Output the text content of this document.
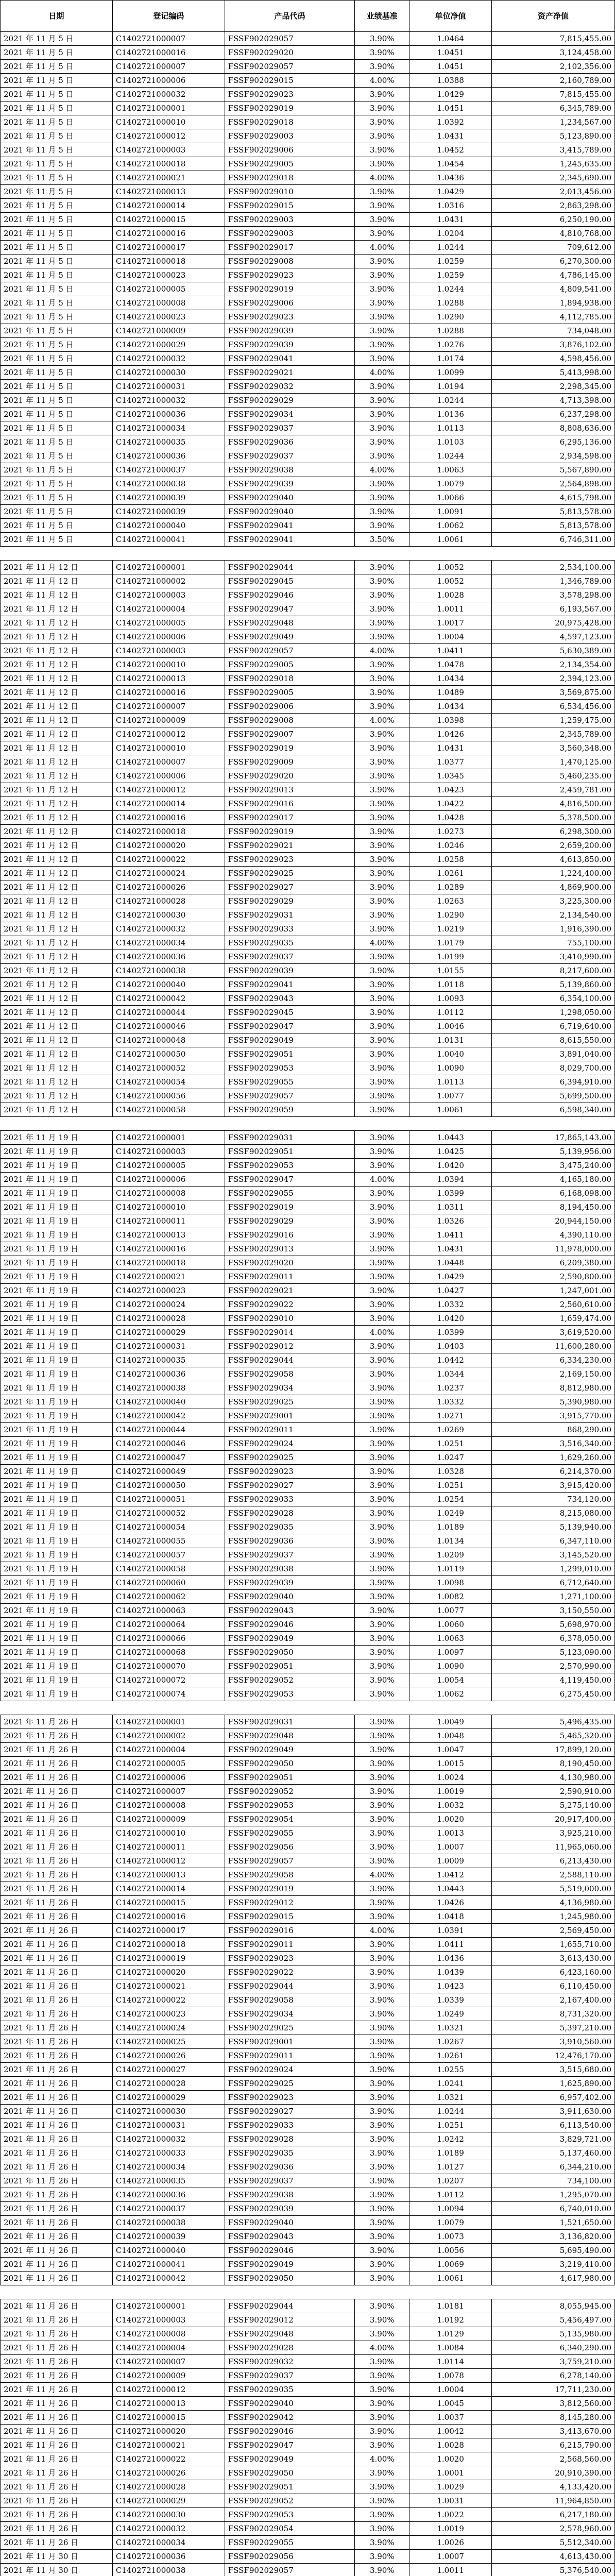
日期	登记编码	产品代码	业绩基准	单位净值	资产净值
2021 年 11 月 5 日	C1402721000007	FSSF902029057	3.90%	1.0464	7,815,455.00
2021 年 11 月 5 日	C1402721000016	FSSF902029020	3.90%	1.0451	3,124,458.00
2021 年 11 月 5 日	C1402721000007	FSSF902029057	3.90%	1.0451	2,102,356.00
2021 年 11 月 5 日	C1402721000006	FSSF902029015	4.00%	1.0388	2,160,789.00
2021 年 11 月 5 日	C1402721000032	FSSF902029023	3.90%	1.0429	7,815,455.00
2021 年 11 月 5 日	C1402721000001	FSSF902029019	3.90%	1.0451	6,345,789.00
2021 年 11 月 5 日	C1402721000010	FSSF902029018	3.90%	1.0392	1,234,567.00
2021 年 11 月 5 日	C1402721000012	FSSF902029003	3.90%	1.0431	5,123,890.00
2021 年 11 月 5 日	C1402721000003	FSSF902029006	3.90%	1.0452	3,415,789.00
2021 年 11 月 5 日	C1402721000018	FSSF902029005	3.90%	1.0454	1,245,635.00
2021 年 11 月 5 日	C1402721000021	FSSF902029018	4.00%	1.0436	2,345,690.00
2021 年 11 月 5 日	C1402721000013	FSSF902029010	3.90%	1.0429	2,013,456.00
2021 年 11 月 5 日	C1402721000014	FSSF902029015	3.90%	1.0316	2,863,298.00
2021 年 11 月 5 日	C1402721000015	FSSF902029003	3.90%	1.0431	6,250,190.00
2021 年 11 月 5 日	C1402721000016	FSSF902029003	3.90%	1.0204	4,810,768.00
2021 年 11 月 5 日	C1402721000017	FSSF902029017	4.00%	1.0244	709,612.00
2021 年 11 月 5 日	C1402721000018	FSSF902029008	3.90%	1.0259	6,270,300.00
2021 年 11 月 5 日	C1402721000023	FSSF902029023	3.90%	1.0259	4,786,145.00
2021 年 11 月 5 日	C1402721000005	FSSF902029019	3.90%	1.0244	4,809,541.00
2021 年 11 月 5 日	C1402721000008	FSSF902029006	3.90%	1.0288	1,894,938.00
2021 年 11 月 5 日	C1402721000023	FSSF902029023	3.90%	1.0290	4,112,785.00
2021 年 11 月 5 日	C1402721000009	FSSF902029039	3.90%	1.0288	734,048.00
2021 年 11 月 5 日	C1402721000029	FSSF902029039	3.90%	1.0276	3,876,102.00
2021 年 11 月 5 日	C1402721000032	FSSF902029041	3.90%	1.0174	4,598,456.00
2021 年 11 月 5 日	C1402721000030	FSSF902029021	4.00%	1.0099	5,413,998.00
2021 年 11 月 5 日	C1402721000031	FSSF902029032	3.90%	1.0194	2,298,345.00
2021 年 11 月 5 日	C1402721000032	FSSF902029029	3.90%	1.0244	4,713,398.00
2021 年 11 月 5 日	C1402721000036	FSSF902029034	3.90%	1.0136	6,237,298.00
2021 年 11 月 5 日	C1402721000034	FSSF902029037	3.90%	1.0113	8,808,636.00
2021 年 11 月 5 日	C1402721000035	FSSF902029036	3.90%	1.0103	6,295,136.00
2021 年 11 月 5 日	C1402721000036	FSSF902029037	3.90%	1.0244	2,934,598.00
2021 年 11 月 5 日	C1402721000037	FSSF902029038	4.00%	1.0063	5,567,890.00
2021 年 11 月 5 日	C1402721000038	FSSF902029039	3.90%	1.0079	2,564,898.00
2021 年 11 月 5 日	C1402721000039	FSSF902029040	3.90%	1.0066	4,615,798.00
2021 年 11 月 5 日	C1402721000039	FSSF902029040	3.90%	1.0091	5,813,578.00
2021 年 11 月 5 日	C1402721000040	FSSF902029041	3.90%	1.0062	5,813,578.00
2021 年 11 月 5 日	C1402721000041	FSSF902029041	3.50%	1.0061	6,746,311.00

2021 年 11 月 12 日	C1402721000001	FSSF902029044	3.90%	1.0052	2,534,100.00
2021 年 11 月 12 日	C1402721000002	FSSF902029045	3.90%	1.0052	1,346,789.00
2021 年 11 月 12 日	C1402721000003	FSSF902029046	3.90%	1.0028	3,578,298.00
2021 年 11 月 12 日	C1402721000004	FSSF902029047	3.90%	1.0011	6,193,567.00
2021 年 11 月 12 日	C1402721000005	FSSF902029048	3.90%	1.0017	20,975,428.00
2021 年 11 月 12 日	C1402721000006	FSSF902029049	3.90%	1.0004	4,597,123.00
2021 年 11 月 12 日	C1402721000003	FSSF902029057	4.00%	1.0411	5,630,389.00
2021 年 11 月 12 日	C1402721000010	FSSF902029005	3.90%	1.0478	2,134,354.00
2021 年 11 月 12 日	C1402721000013	FSSF902029018	3.90%	1.0434	2,394,123.00
2021 年 11 月 12 日	C1402721000016	FSSF902029005	3.90%	1.0489	3,569,875.00
2021 年 11 月 12 日	C1402721000007	FSSF902029006	3.90%	1.0434	6,534,456.00
2021 年 11 月 12 日	C1402721000009	FSSF902029008	4.00%	1.0398	1,259,475.00
2021 年 11 月 12 日	C1402721000012	FSSF902029007	3.90%	1.0426	2,345,789.00
2021 年 11 月 12 日	C1402721000010	FSSF902029019	3.90%	1.0431	3,560,348.00
2021 年 11 月 12 日	C1402721000007	FSSF902029009	3.90%	1.0377	1,470,125.00
2021 年 11 月 12 日	C1402721000006	FSSF902029020	3.90%	1.0345	5,460,235.00
2021 年 11 月 12 日	C1402721000012	FSSF902029013	3.90%	1.0423	2,459,781.00
2021 年 11 月 12 日	C1402721000014	FSSF902029016	3.90%	1.0422	4,816,500.00
2021 年 11 月 12 日	C1402721000016	FSSF902029017	3.90%	1.0428	5,378,500.00
2021 年 11 月 12 日	C1402721000018	FSSF902029019	3.90%	1.0273	6,298,300.00
2021 年 11 月 12 日	C1402721000020	FSSF902029021	3.90%	1.0246	2,659,200.00
2021 年 11 月 12 日	C1402721000022	FSSF902029023	3.90%	1.0258	4,613,850.00
2021 年 11 月 12 日	C1402721000024	FSSF902029025	3.90%	1.0261	1,224,400.00
2021 年 11 月 12 日	C1402721000026	FSSF902029027	3.90%	1.0289	4,869,900.00
2021 年 11 月 12 日	C1402721000028	FSSF902029029	3.90%	1.0263	3,225,300.00
2021 年 11 月 12 日	C1402721000030	FSSF902029031	3.90%	1.0290	2,134,540.00
2021 年 11 月 12 日	C1402721000032	FSSF902029033	3.90%	1.0219	1,916,390.00
2021 年 11 月 12 日	C1402721000034	FSSF902029035	4.00%	1.0179	755,100.00
2021 年 11 月 12 日	C1402721000036	FSSF902029037	3.90%	1.0199	3,410,990.00
2021 年 11 月 12 日	C1402721000038	FSSF902029039	3.90%	1.0155	8,217,600.00
2021 年 11 月 12 日	C1402721000040	FSSF902029041	3.90%	1.0118	5,139,860.00
2021 年 11 月 12 日	C1402721000042	FSSF902029043	3.90%	1.0093	6,354,100.00
2021 年 11 月 12 日	C1402721000044	FSSF902029045	3.90%	1.0112	1,298,050.00
2021 年 11 月 12 日	C1402721000046	FSSF902029047	3.90%	1.0046	6,719,640.00
2021 年 11 月 12 日	C1402721000048	FSSF902029049	3.90%	1.0131	8,615,550.00
2021 年 11 月 12 日	C1402721000050	FSSF902029051	3.90%	1.0040	3,891,040.00
2021 年 11 月 12 日	C1402721000052	FSSF902029053	3.90%	1.0090	8,029,700.00
2021 年 11 月 12 日	C1402721000054	FSSF902029055	3.90%	1.0113	6,394,910.00
2021 年 11 月 12 日	C1402721000056	FSSF902029057	3.90%	1.0077	5,699,500.00
2021 年 11 月 12 日	C1402721000058	FSSF902029059	3.90%	1.0061	6,598,340.00

2021 年 11 月 19 日	C1402721000001	FSSF902029031	3.90%	1.0443	17,865,143.00
2021 年 11 月 19 日	C1402721000003	FSSF902029051	3.90%	1.0425	5,139,956.00
2021 年 11 月 19 日	C1402721000005	FSSF902029053	3.90%	1.0420	3,475,240.00
2021 年 11 月 19 日	C1402721000006	FSSF902029047	4.00%	1.0394	4,165,180.00
2021 年 11 月 19 日	C1402721000008	FSSF902029055	3.90%	1.0399	6,168,098.00
2021 年 11 月 19 日	C1402721000010	FSSF902029019	3.90%	1.0311	8,194,450.00
2021 年 11 月 19 日	C1402721000011	FSSF902029029	3.90%	1.0326	20,944,150.00
2021 年 11 月 19 日	C1402721000013	FSSF902029016	3.90%	1.0411	4,390,110.00
2021 年 11 月 19 日	C1402721000016	FSSF902029013	3.90%	1.0431	11,978,000.00
2021 年 11 月 19 日	C1402721000018	FSSF902029020	3.90%	1.0448	6,209,380.00
2021 年 11 月 19 日	C1402721000021	FSSF902029011	3.90%	1.0429	2,590,800.00
2021 年 11 月 19 日	C1402721000023	FSSF902029021	3.90%	1.0427	1,247,001.00
2021 年 11 月 19 日	C1402721000024	FSSF902029022	3.90%	1.0332	2,560,610.00
2021 年 11 月 19 日	C1402721000028	FSSF902029010	3.90%	1.0420	1,659,474.00
2021 年 11 月 19 日	C1402721000029	FSSF902029014	4.00%	1.0399	3,619,520.00
2021 年 11 月 19 日	C1402721000031	FSSF902029012	3.90%	1.0403	11,600,280.00
2021 年 11 月 19 日	C1402721000035	FSSF902029044	3.90%	1.0442	6,334,230.00
2021 年 11 月 19 日	C1402721000036	FSSF902029058	3.90%	1.0344	2,169,150.00
2021 年 11 月 19 日	C1402721000038	FSSF902029034	3.90%	1.0237	8,812,980.00
2021 年 11 月 19 日	C1402721000040	FSSF902029025	3.90%	1.0332	5,390,980.00
2021 年 11 月 19 日	C1402721000042	FSSF902029001	3.90%	1.0271	3,915,770.00
2021 年 11 月 19 日	C1402721000044	FSSF902029011	3.90%	1.0269	868,290.00
2021 年 11 月 19 日	C1402721000046	FSSF902029024	3.90%	1.0251	3,516,340.00
2021 年 11 月 19 日	C1402721000047	FSSF902029025	3.90%	1.0247	1,629,260.00
2021 年 11 月 19 日	C1402721000049	FSSF902029023	3.90%	1.0328	6,214,370.00
2021 年 11 月 19 日	C1402721000050	FSSF902029027	3.90%	1.0251	3,915,420.00
2021 年 11 月 19 日	C1402721000051	FSSF902029033	3.90%	1.0254	734,120.00
2021 年 11 月 19 日	C1402721000052	FSSF902029028	3.90%	1.0249	8,215,080.00
2021 年 11 月 19 日	C1402721000054	FSSF902029035	3.90%	1.0189	5,139,940.00
2021 年 11 月 19 日	C1402721000055	FSSF902029036	3.90%	1.0134	6,347,110.00
2021 年 11 月 19 日	C1402721000057	FSSF902029037	3.90%	1.0209	3,145,520.00
2021 年 11 月 19 日	C1402721000058	FSSF902029038	3.90%	1.0119	1,299,010.00
2021 年 11 月 19 日	C1402721000060	FSSF902029039	3.90%	1.0098	6,712,640.00
2021 年 11 月 19 日	C1402721000062	FSSF902029040	3.90%	1.0082	1,271,100.00
2021 年 11 月 19 日	C1402721000063	FSSF902029043	3.90%	1.0077	3,150,550.00
2021 年 11 月 19 日	C1402721000064	FSSF902029046	3.90%	1.0060	5,698,970.00
2021 年 11 月 19 日	C1402721000066	FSSF902029049	3.90%	1.0063	6,378,050.00
2021 年 11 月 19 日	C1402721000068	FSSF902029050	3.90%	1.0097	5,123,090.00
2021 年 11 月 19 日	C1402721000070	FSSF902029051	3.90%	1.0090	2,570,990.00
2021 年 11 月 19 日	C1402721000072	FSSF902029052	3.90%	1.0054	4,119,450.00
2021 年 11 月 19 日	C1402721000074	FSSF902029053	3.90%	1.0062	6,275,450.00

2021 年 11 月 26 日	C1402721000001	FSSF902029031	3.90%	1.0049	5,496,435.00
2021 年 11 月 26 日	C1402721000002	FSSF902029048	3.90%	1.0048	5,465,320.00
2021 年 11 月 26 日	C1402721000004	FSSF902029049	3.90%	1.0047	17,899,120.00
2021 年 11 月 26 日	C1402721000005	FSSF902029050	3.90%	1.0015	8,190,450.00
2021 年 11 月 26 日	C1402721000006	FSSF902029051	3.90%	1.0024	4,130,980.00
2021 年 11 月 26 日	C1402721000007	FSSF902029052	3.90%	1.0019	2,590,910.00
2021 年 11 月 26 日	C1402721000008	FSSF902029053	3.90%	1.0032	5,275,140.00
2021 年 11 月 26 日	C1402721000009	FSSF902029054	3.90%	1.0020	20,917,400.00
2021 年 11 月 26 日	C1402721000010	FSSF902029055	3.90%	1.0013	3,925,210.00
2021 年 11 月 26 日	C1402721000011	FSSF902029056	3.90%	1.0007	11,965,060.00
2021 年 11 月 26 日	C1402721000012	FSSF902029057	3.90%	1.0009	6,213,430.00
2021 年 11 月 26 日	C1402721000013	FSSF902029058	4.00%	1.0412	2,588,110.00
2021 年 11 月 26 日	C1402721000014	FSSF902029019	3.90%	1.0443	5,519,000.00
2021 年 11 月 26 日	C1402721000015	FSSF902029012	3.90%	1.0426	4,136,980.00
2021 年 11 月 26 日	C1402721000016	FSSF902029015	3.90%	1.0418	1,245,980.00
2021 年 11 月 26 日	C1402721000017	FSSF902029016	4.00%	1.0391	2,569,450.00
2021 年 11 月 26 日	C1402721000018	FSSF902029011	3.90%	1.0411	1,655,710.00
2021 年 11 月 26 日	C1402721000019	FSSF902029023	3.90%	1.0436	3,613,430.00
2021 年 11 月 26 日	C1402721000020	FSSF902029022	3.90%	1.0439	6,423,160.00
2021 年 11 月 26 日	C1402721000021	FSSF902029044	3.90%	1.0423	6,110,450.00
2021 年 11 月 26 日	C1402721000022	FSSF902029058	3.90%	1.0339	2,167,400.00
2021 年 11 月 26 日	C1402721000023	FSSF902029034	3.90%	1.0249	8,731,320.00
2021 年 11 月 26 日	C1402721000024	FSSF902029025	3.90%	1.0321	5,397,210.00
2021 年 11 月 26 日	C1402721000025	FSSF902029001	3.90%	1.0267	3,910,560.00
2021 年 11 月 26 日	C1402721000026	FSSF902029011	3.90%	1.0261	12,476,170.00
2021 年 11 月 26 日	C1402721000027	FSSF902029024	3.90%	1.0255	3,515,680.00
2021 年 11 月 26 日	C1402721000028	FSSF902029025	3.90%	1.0241	1,625,890.00
2021 年 11 月 26 日	C1402721000029	FSSF902029023	3.90%	1.0321	6,957,402.00
2021 年 11 月 26 日	C1402721000030	FSSF902029027	3.90%	1.0244	3,911,630.00
2021 年 11 月 26 日	C1402721000031	FSSF902029033	3.90%	1.0251	6,113,540.00
2021 年 11 月 26 日	C1402721000032	FSSF902029028	3.90%	1.0242	3,829,721.00
2021 年 11 月 26 日	C1402721000033	FSSF902029035	3.90%	1.0189	5,137,460.00
2021 年 11 月 26 日	C1402721000034	FSSF902029036	3.90%	1.0127	6,344,210.00
2021 年 11 月 26 日	C1402721000035	FSSF902029037	3.90%	1.0207	734,100.00
2021 年 11 月 26 日	C1402721000036	FSSF902029038	3.90%	1.0112	1,295,070.00
2021 年 11 月 26 日	C1402721000037	FSSF902029039	3.90%	1.0094	6,740,010.00
2021 年 11 月 26 日	C1402721000038	FSSF902029040	3.90%	1.0079	1,521,650.00
2021 年 11 月 26 日	C1402721000039	FSSF902029043	3.90%	1.0073	3,136,820.00
2021 年 11 月 26 日	C1402721000040	FSSF902029046	3.90%	1.0056	5,695,490.00
2021 年 11 月 26 日	C1402721000041	FSSF902029049	3.90%	1.0069	3,219,410.00
2021 年 11 月 26 日	C1402721000042	FSSF902029050	3.90%	1.0061	4,617,980.00

2021 年 11 月 26 日	C1402721000001	FSSF902029044	3.90%	1.0181	8,055,945.00
2021 年 11 月 26 日	C1402721000003	FSSF902029012	3.90%	1.0192	5,456,497.00
2021 年 11 月 26 日	C1402721000008	FSSF902029048	3.90%	1.0129	5,135,980.00
2021 年 11 月 26 日	C1402721000004	FSSF902029028	4.00%	1.0084	6,340,290.00
2021 年 11 月 26 日	C1402721000007	FSSF902029032	3.90%	1.0114	3,759,210.00
2021 年 11 月 26 日	C1402721000009	FSSF902029037	3.90%	1.0078	6,278,140.00
2021 年 11 月 26 日	C1402721000012	FSSF902029035	3.90%	1.0004	17,711,230.00
2021 年 11 月 26 日	C1402721000013	FSSF902029040	3.90%	1.0045	3,812,560.00
2021 年 11 月 26 日	C1402721000015	FSSF902029042	3.90%	1.0037	8,145,280.00
2021 年 11 月 26 日	C1402721000020	FSSF902029046	3.90%	1.0042	3,413,670.00
2021 年 11 月 26 日	C1402721000021	FSSF902029047	3.90%	1.0028	6,215,790.00
2021 年 11 月 26 日	C1402721000022	FSSF902029049	4.00%	1.0020	2,568,560.00
2021 年 11 月 26 日	C1402721000026	FSSF902029050	3.90%	1.0001	20,910,390.00
2021 年 11 月 26 日	C1402721000028	FSSF902029051	3.90%	1.0029	4,133,420.00
2021 年 11 月 26 日	C1402721000029	FSSF902029052	3.90%	1.0031	11,964,850.00
2021 年 11 月 26 日	C1402721000030	FSSF902029053	3.90%	1.0022	6,217,180.00
2021 年 11 月 26 日	C1402721000032	FSSF902029054	3.90%	1.0019	2,578,960.00
2021 年 11 月 26 日	C1402721000034	FSSF902029055	3.90%	1.0026	5,512,340.00
2021 年 11 月 30 日	C1402721000036	FSSF902029056	3.90%	1.0007	4,613,430.00
2021 年 11 月 30 日	C1402721000038	FSSF902029057	3.90%	1.0011	5,376,540.00
